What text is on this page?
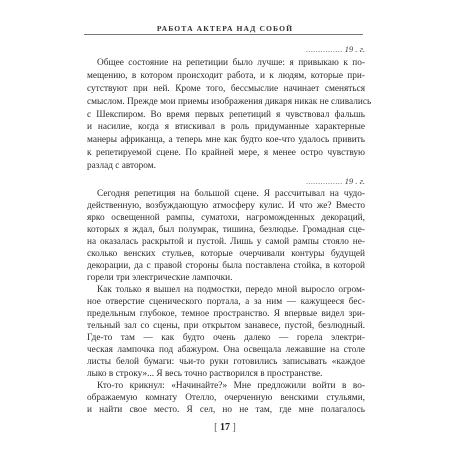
РАБОТА АКТЕРА НАД СОБОЙ
............... 19 . г.
Общее состояние на репетиции было лучше: я привыкаю к по-
мещению, в котором происходит работа, и к людям, которые при-
сутствуют при ней. Кроме того, бессмыслие начинает сменяться
смыслом. Прежде мои приемы изображения дикаря никак не сливались
с Шекспиром. Во время первых репетиций я чувствовал фальшь
и насилие, когда я втискивал в роль придуманные характерные
манеры африканца, а теперь мне как будто кое-что удалось привить
к репетируемой сцене. По крайней мере, я менее остро чувствую
разлад с автором.
............... 19 . г.
Сегодня репетиция на большой сцене. Я рассчитывал на чудо-
действенную, возбуждающую атмосферу кулис. И что же? Вместо
ярко освещенной рампы, суматохи, нагроможденных декораций,
которых я ждал, был полумрак, тишина, безлюдье. Громадная сце-
на оказалась раскрытой и пустой. Лишь у самой рампы стояло не-
сколько венских стульев, которые очерчивали контуры будущей
декорации, да с правой стороны была поставлена стойка, в которой
горели три электрические лампочки.
Как только я вышел на подмостки, передо мной выросло огром-
ное отверстие сценического портала, а за ним — кажущееся бес-
предельным глубокое, темное пространство. Я впервые видел зри-
тельный зал со сцены, при открытом занавесе, пустой, безлюдный.
Где-то там — как будто очень далеко — горела электри-
ческая лампочка под абажуром. Она освещала лежавшие на столе
листы белой бумаги: чьи-то руки готовились записывать «каждое
лыко в строку»... Я весь точно растворился в пространстве.
Кто-то крикнул: «Начинайте?» Мне предложили войти в во-
ображаемую комнату Отелло, очерченную венскими стульями,
и найти свое место. Я сел, но не там, где мне полагалось
[ 17 ]
